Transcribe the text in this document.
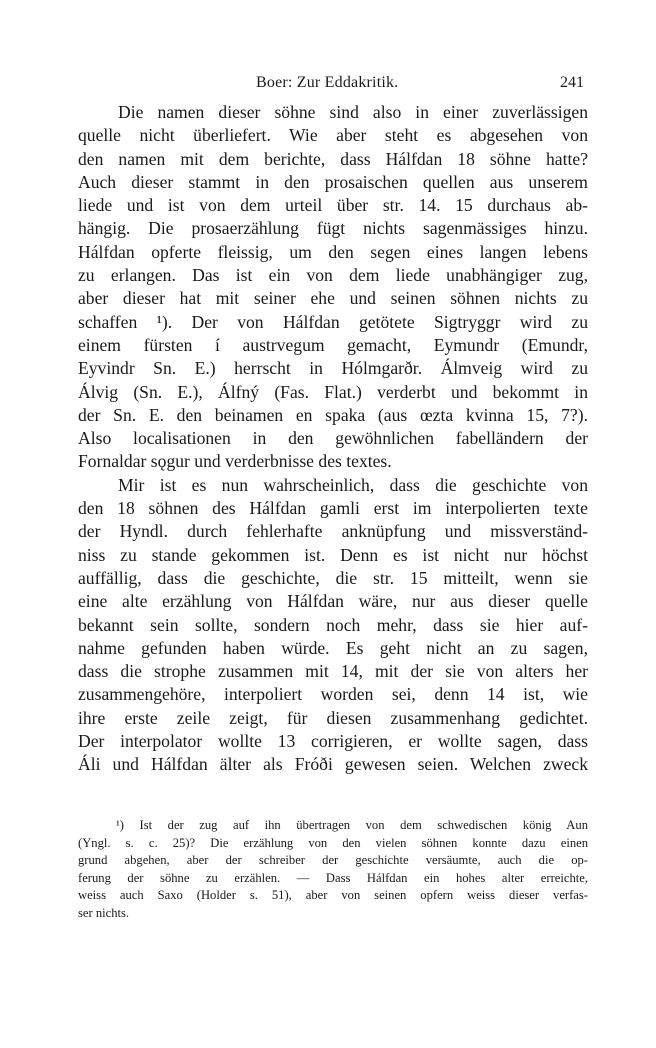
Boer: Zur Eddakritik.	241
Die namen dieser söhne sind also in einer zuverlässigen
quelle nicht überliefert. Wie aber steht es abgesehen von
den namen mit dem berichte, dass Hálfdan 18 söhne hatte?
Auch dieser stammt in den prosaischen quellen aus unserem
liede und ist von dem urteil über str. 14. 15 durchaus ab-
hängig. Die prosaerzählung fügt nichts sagenmässiges hinzu.
Hálfdan opferte fleissig, um den segen eines langen lebens
zu erlangen. Das ist ein von dem liede unabhängiger zug,
aber dieser hat mit seiner ehe und seinen söhnen nichts zu
schaffen ¹). Der von Hálfdan getötete Sigtryggr wird zu
einem fürsten í austrvegum gemacht, Eymundr (Emundr,
Eyvindr Sn. E.) herrscht in Hólmgarðr. Álmveig wird zu
Álvig (Sn. E.), Álfný (Fas. Flat.) verderbt und bekommt in
der Sn. E. den beinamen en spaka (aus œzta kvinna 15, 7?).
Also localisationen in den gewöhnlichen fabelländern der
Fornaldar sǫgur und verderbnisse des textes.
Mir ist es nun wahrscheinlich, dass die geschichte von
den 18 söhnen des Hálfdan gamli erst im interpolierten texte
der Hyndl. durch fehlerhafte anknüpfung und missverständ-
niss zu stande gekommen ist. Denn es ist nicht nur höchst
auffällig, dass die geschichte, die str. 15 mitteilt, wenn sie
eine alte erzählung von Hálfdan wäre, nur aus dieser quelle
bekannt sein sollte, sondern noch mehr, dass sie hier auf-
nahme gefunden haben würde. Es geht nicht an zu sagen,
dass die strophe zusammen mit 14, mit der sie von alters her
zusammengehöre, interpoliert worden sei, denn 14 ist, wie
ihre erste zeile zeigt, für diesen zusammenhang gedichtet.
Der interpolator wollte 13 corrigieren, er wollte sagen, dass
Áli und Hálfdan älter als Fróði gewesen seien. Welchen zweck
¹) Ist der zug auf ihn übertragen von dem schwedischen könig Aun
(Yngl. s. c. 25)? Die erzählung von den vielen söhnen konnte dazu einen
grund abgehen, aber der schreiber der geschichte versäumte, auch die op-
ferung der söhne zu erzählen. — Dass Hálfdan ein hohes alter erreichte,
weiss auch Saxo (Holder s. 51), aber von seinen opfern weiss dieser verfas-
ser nichts.
